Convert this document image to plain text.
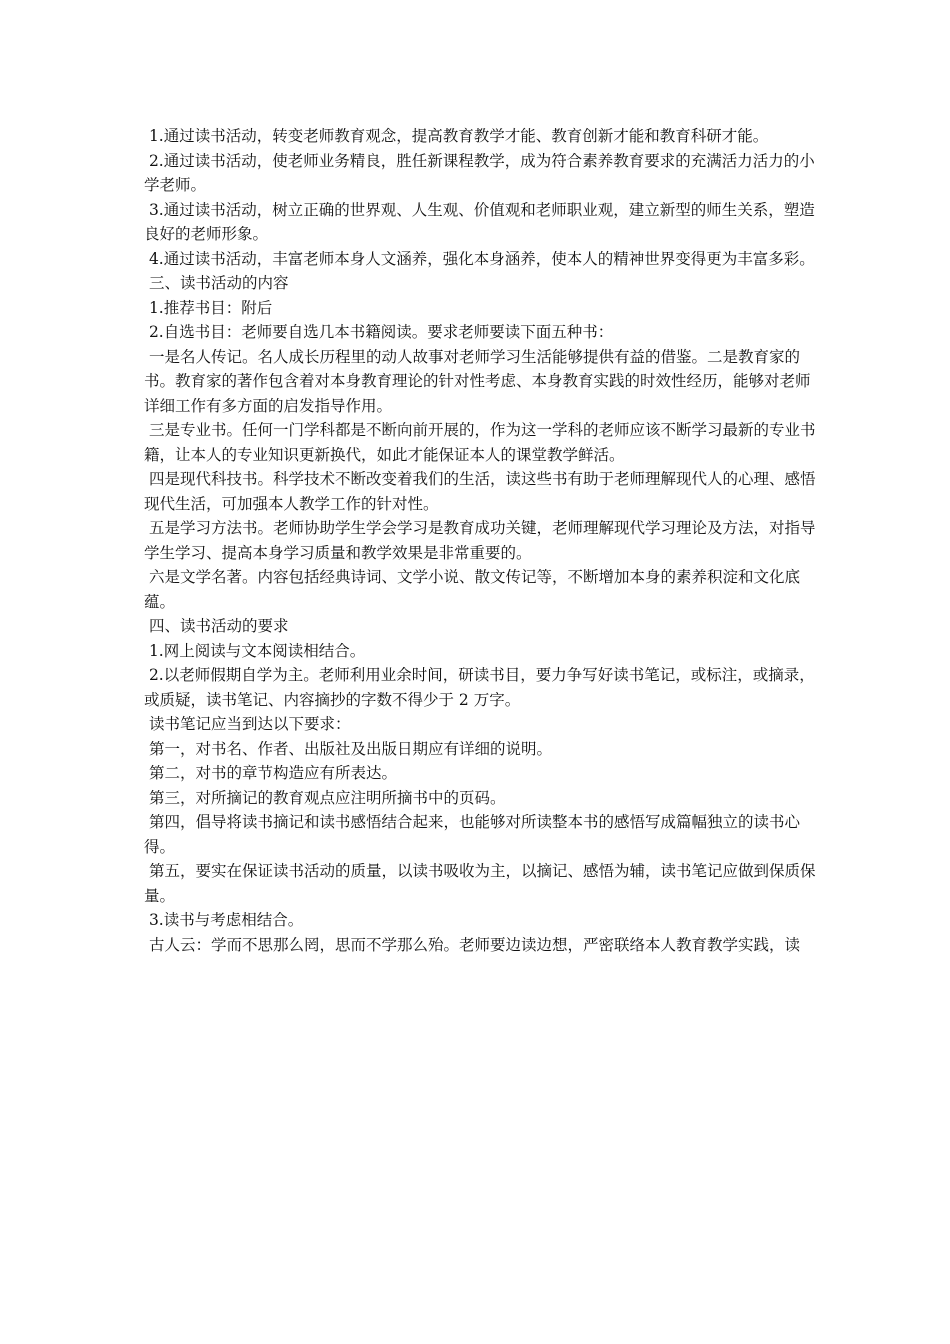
1.通过读书活动，转变老师教育观念，提高教育教学才能、教育创新才能和教育科研才能。

2.通过读书活动，使老师业务精良，胜任新课程教学，成为符合素养教育要求的充满活力活力的小学老师。

3.通过读书活动，树立正确的世界观、人生观、价值观和老师职业观，建立新型的师生关系，塑造良好的老师形象。

4.通过读书活动，丰富老师本身人文涵养，强化本身涵养，使本人的精神世界变得更为丰富多彩。

三、读书活动的内容

1.推荐书目：附后

2.自选书目：老师要自选几本书籍阅读。要求老师要读下面五种书：

一是名人传记。名人成长历程里的动人故事对老师学习生活能够提供有益的借鉴。二是教育家的书。教育家的著作包含着对本身教育理论的针对性考虑、本身教育实践的时效性经历，能够对老师详细工作有多方面的启发指导作用。

三是专业书。任何一门学科都是不断向前开展的，作为这一学科的老师应该不断学习最新的专业书籍，让本人的专业知识更新换代，如此才能保证本人的课堂教学鲜活。

四是现代科技书。科学技术不断改变着我们的生活，读这些书有助于老师理解现代人的心理、感悟现代生活，可加强本人教学工作的针对性。

五是学习方法书。老师协助学生学会学习是教育成功关键，老师理解现代学习理论及方法，对指导学生学习、提高本身学习质量和教学效果是非常重要的。

六是文学名著。内容包括经典诗词、文学小说、散文传记等，不断增加本身的素养积淀和文化底蕴。

四、读书活动的要求

1.网上阅读与文本阅读相结合。

2.以老师假期自学为主。老师利用业余时间，研读书目，要力争写好读书笔记，或标注，或摘录，或质疑，读书笔记、内容摘抄的字数不得少于 2 万字。

读书笔记应当到达以下要求：

第一，对书名、作者、出版社及出版日期应有详细的说明。

第二，对书的章节构造应有所表达。

第三，对所摘记的教育观点应注明所摘书中的页码。

第四，倡导将读书摘记和读书感悟结合起来，也能够对所读整本书的感悟写成篇幅独立的读书心得。

第五，要实在保证读书活动的质量，以读书吸收为主，以摘记、感悟为辅，读书笔记应做到保质保量。

3.读书与考虑相结合。

古人云：学而不思那么罔，思而不学那么殆。老师要边读边想，严密联络本人教育教学实践，读
